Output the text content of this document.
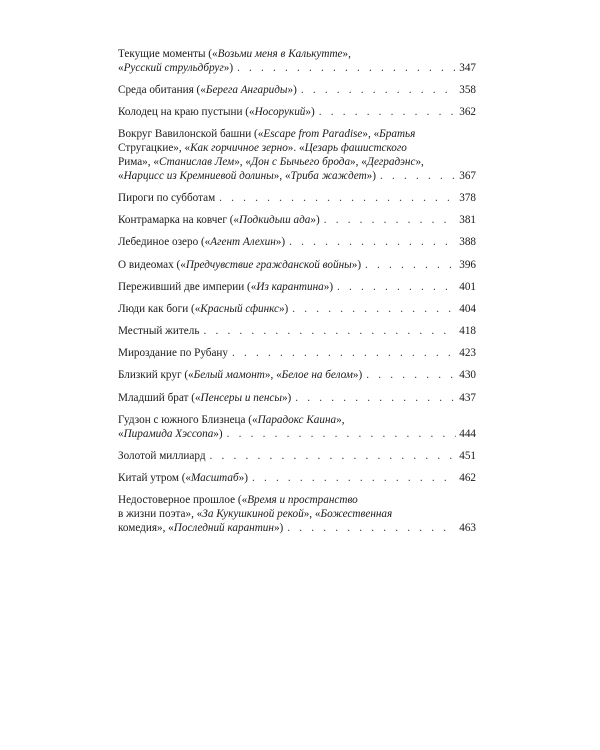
Текущие моменты («Возьми меня в Калькутте»,
«Русский струльдбруг») . . .	347
Среда обитания («Берега Ангариды») . . .	358
Колодец на краю пустыни («Носорукий») . . .	362
Вокруг Вавилонской башни («Escape from Paradise», «Братья
Стругацкие», «Как горчичное зерно». «Цезарь фашистского
Рима», «Станислав Лем», «Дон с Бычьего брода», «Деградэнс»,
«Нарцисс из Кремниевой долины», «Триба жаждет») . . .	367
Пироги по субботам . . .	378
Контрамарка на ковчег («Подкидыш ада») . . .	381
Лебединое озеро («Агент Алехин») . . .	388
О видеомах («Предчувствие гражданской войны») . . .	396
Переживший две империи («Из карантина») . . .	401
Люди как боги («Красный сфинкс») . . .	404
Местный житель . . .	418
Мироздание по Рубану . . .	423
Близкий круг («Белый мамонт», «Белое на белом») . . .	430
Младший брат («Пенсеры и пенсы») . . .	437
Гудзон с южного Близнеца («Парадокс Каина»,
«Пирамида Хэссопа») . . .	444
Золотой миллиард . . .	451
Китай утром («Масштаб») . . .	462
Недостоверное прошлое («Время и пространство
в жизни поэта», «За Кукушкиной рекой», «Божественная
комедия», «Последний карантин») . . .	463
